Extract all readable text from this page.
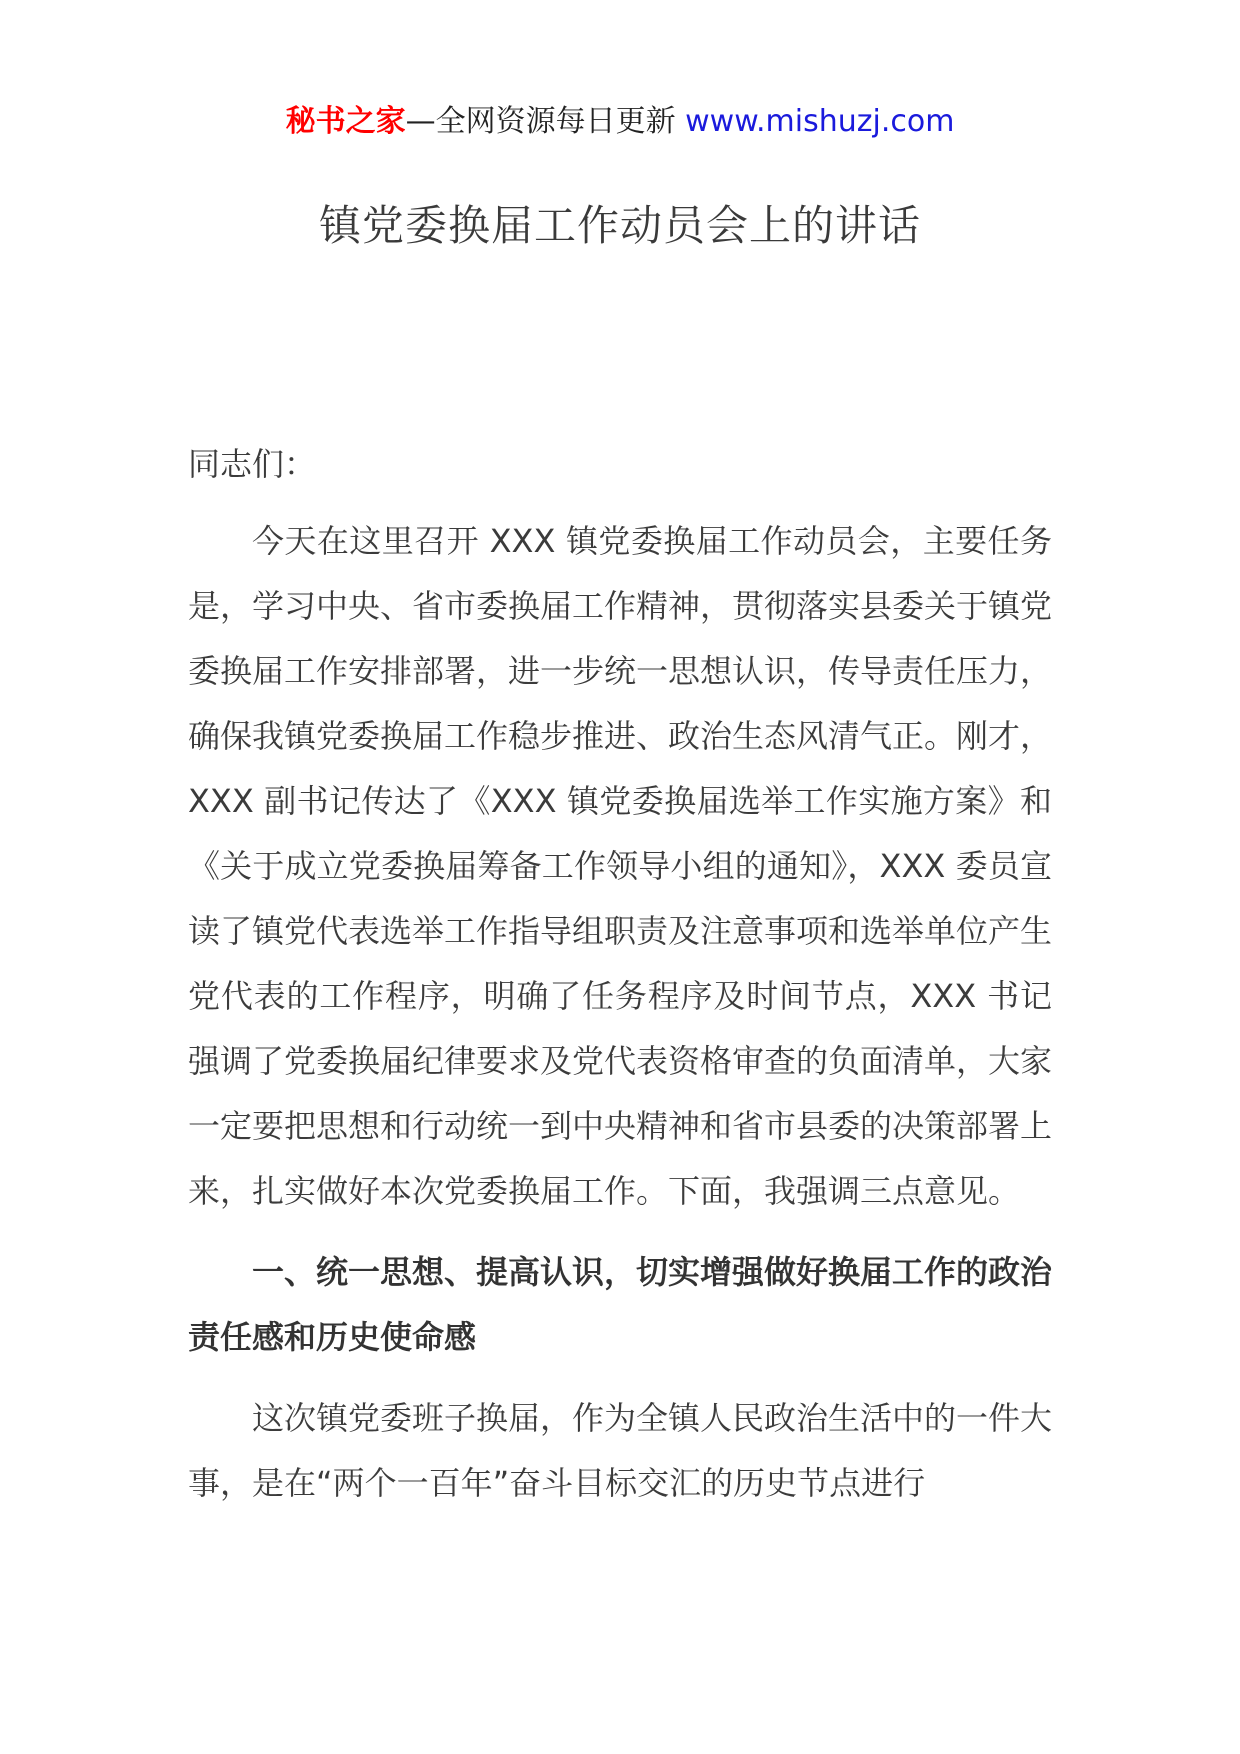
秘书之家—全网资源每日更新 www.mishuzj.com
镇党委换届工作动员会上的讲话

同志们：

今天在这里召开 XXX 镇党委换届工作动员会，主要任务是，学习中央、省市委换届工作精神，贯彻落实县委关于镇党委换届工作安排部署，进一步统一思想认识，传导责任压力，确保我镇党委换届工作稳步推进、政治生态风清气正。刚才，XXX 副书记传达了《XXX 镇党委换届选举工作实施方案》和《关于成立党委换届筹备工作领导小组的通知》，XXX 委员宣读了镇党代表选举工作指导组职责及注意事项和选举单位产生党代表的工作程序，明确了任务程序及时间节点，XXX 书记强调了党委换届纪律要求及党代表资格审查的负面清单，大家一定要把思想和行动统一到中央精神和省市县委的决策部署上来，扎实做好本次党委换届工作。下面，我强调三点意见。

一、统一思想、提高认识，切实增强做好换届工作的政治责任感和历史使命感

这次镇党委班子换届，作为全镇人民政治生活中的一件大事，是在“两个一百年”奋斗目标交汇的历史节点进行
